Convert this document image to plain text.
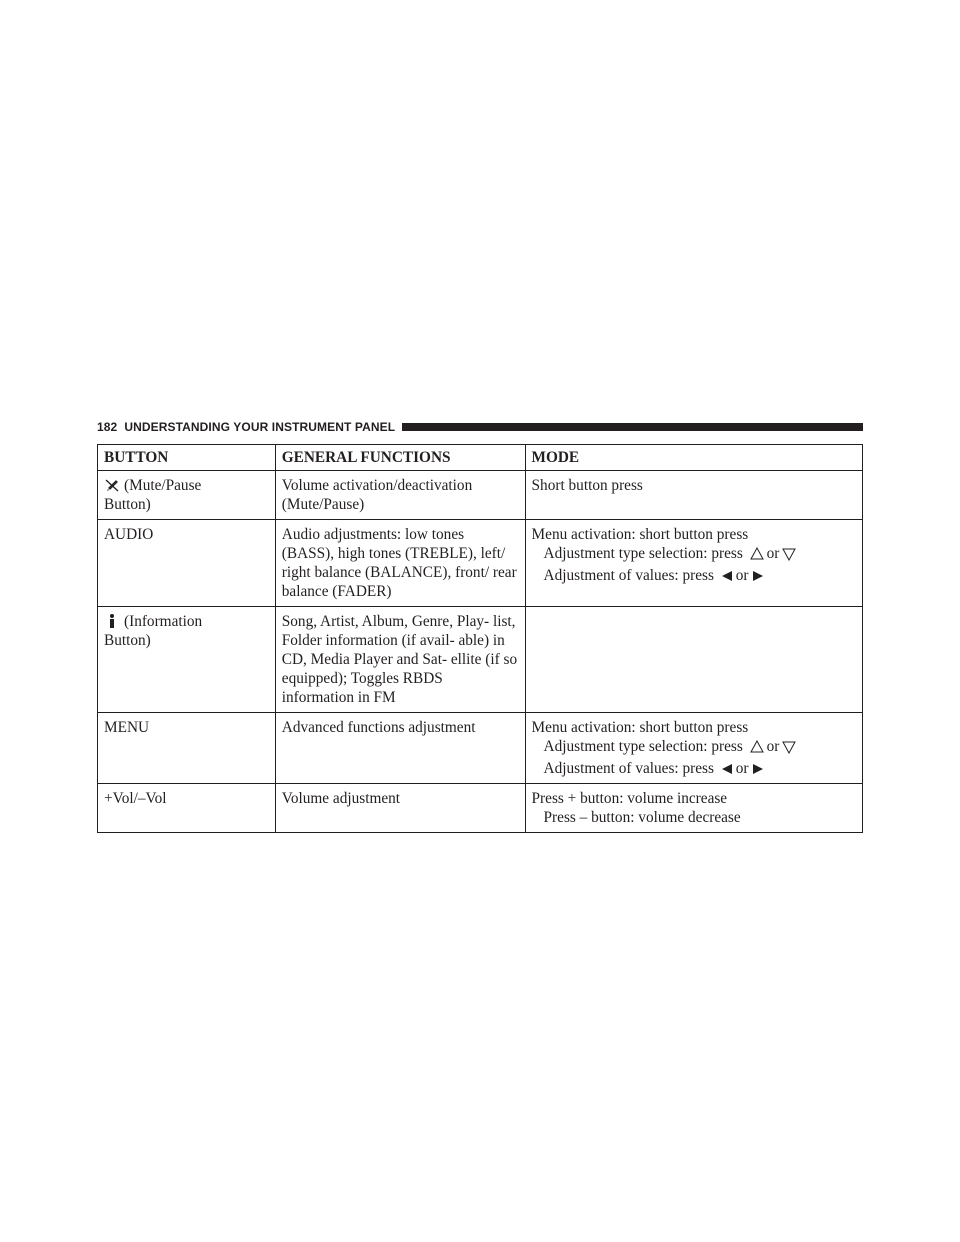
182 UNDERSTANDING YOUR INSTRUMENT PANEL
BUTTON	GENERAL FUNCTIONS	MODE

(Mute/Pause
Button)	Volume activation/deactivation (Mute/Pause)	Short button press
AUDIO	Audio adjustments: low tones (BASS), high tones (TREBLE), left/ right balance (BALANCE), front/ rear balance (FADER)	Menu activation: short button press
Adjustment type selection: press or
Adjustment of values: press or

(Information
Button)	Song, Artist, Album, Genre, Play- list, Folder information (if avail- able) in CD, Media Player and Sat- ellite (if so equipped); Toggles RBDS information in FM	
MENU	Advanced functions adjustment	Menu activation: short button press
Adjustment type selection: press or
Adjustment of values: press or

+Vol/–Vol	Volume adjustment	Press + button: volume increase
Press – button: volume decrease
